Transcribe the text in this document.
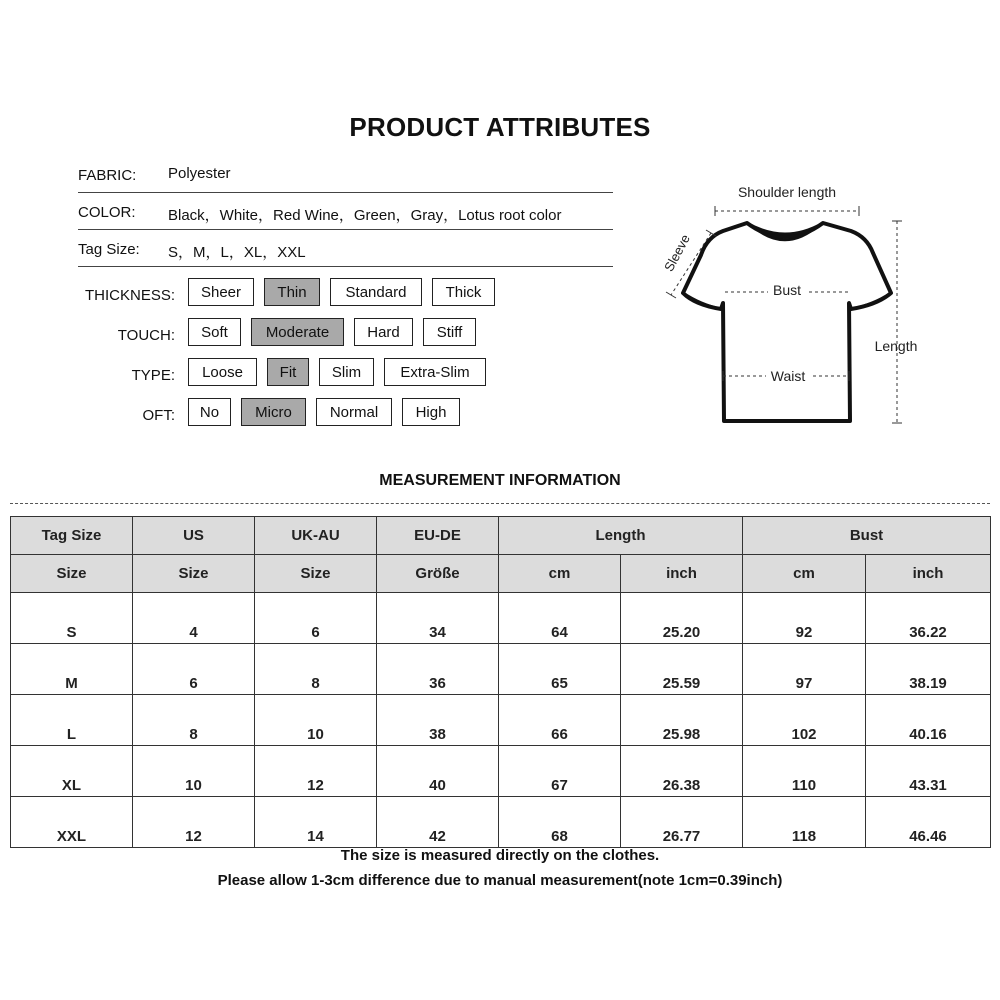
PRODUCT ATTRIBUTES
FABRIC: Polyester
COLOR: Black，White，Red Wine，Green，Gray，Lotus root color
Tag Size: S，M，L，XL，XXL
THICKNESS:	Sheer	Thin	Standard	Thick
TOUCH:	Soft	Moderate	Hard	Stiff
TYPE:	Loose	Fit	Slim	Extra-Slim
OFT:	No	Micro	Normal	High
Shoulder length
Sleeve
Bust
Waist
Length
MEASUREMENT INFORMATION
Tag Size	US	UK-AU	EU-DE	Length		Bust	
Size	Size	Size	Größe	cm	inch	cm	inch
S	4	6	34	64	25.20	92	36.22
M	6	8	36	65	25.59	97	38.19
L	8	10	38	66	25.98	102	40.16
XL	10	12	40	67	26.38	110	43.31
XXL	12	14	42	68	26.77	118	46.46
The size is measured directly on the clothes.
Please allow 1-3cm difference due to manual measurement(note 1cm=0.39inch)
